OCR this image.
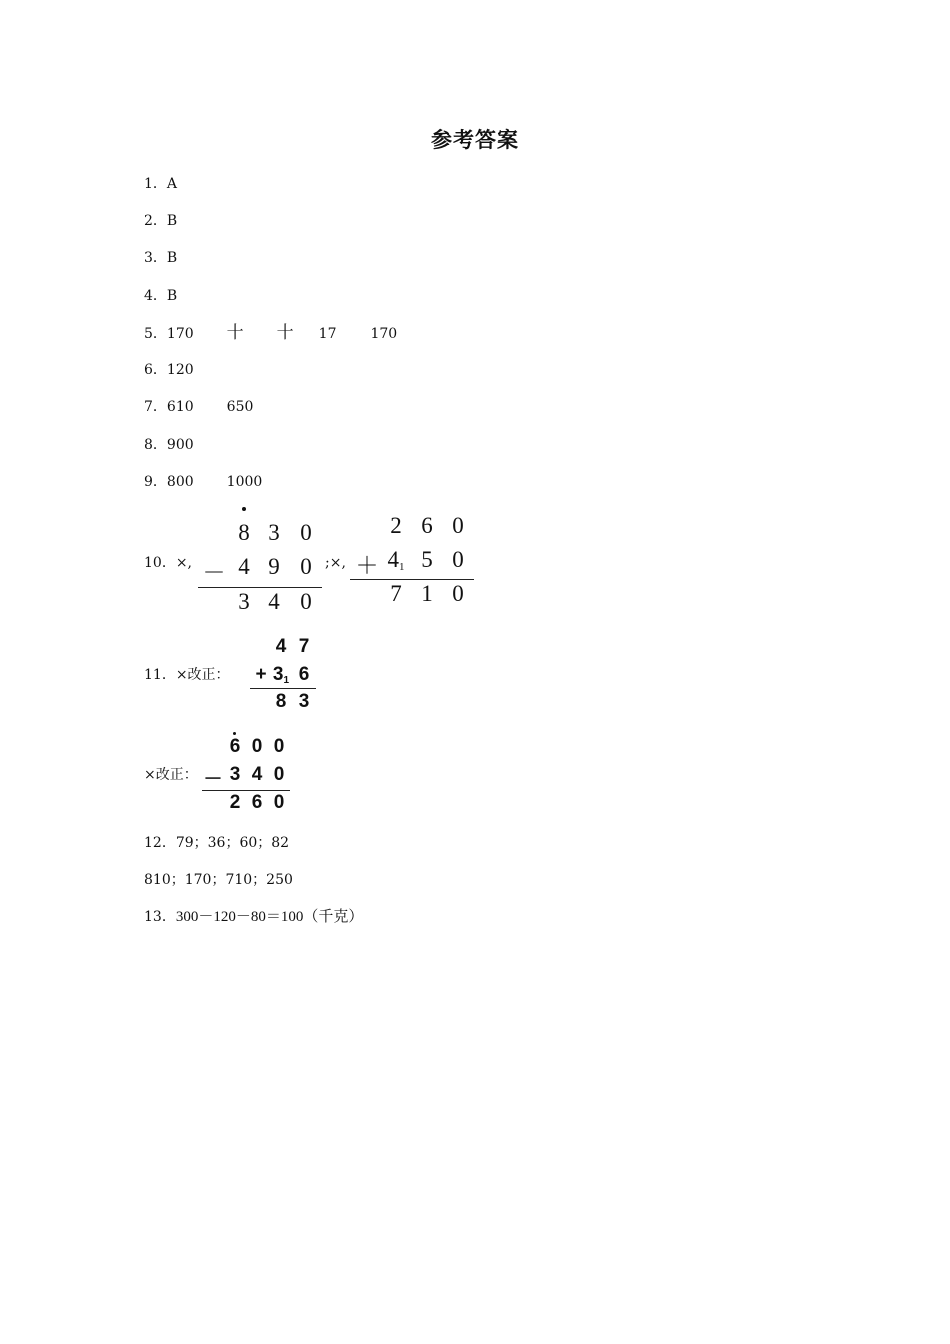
参考答案
1．A
2．B
3．B
4．B
5．170 十 十 17 170
6．120
7．610 650
8．900
9．800 1000
10．×,	;×,
8 3 0
－ 4 9 0
3 4 0
2 6 0
＋ 41 5 0
7 1 0
11．×改正：
4 7
+ 31 6
8 3
×改正：
6 0 0
－ 3 4 0
2 6 0
12．79；36；60；82
810；170；710；250
13．300－120－80＝100（千克）
